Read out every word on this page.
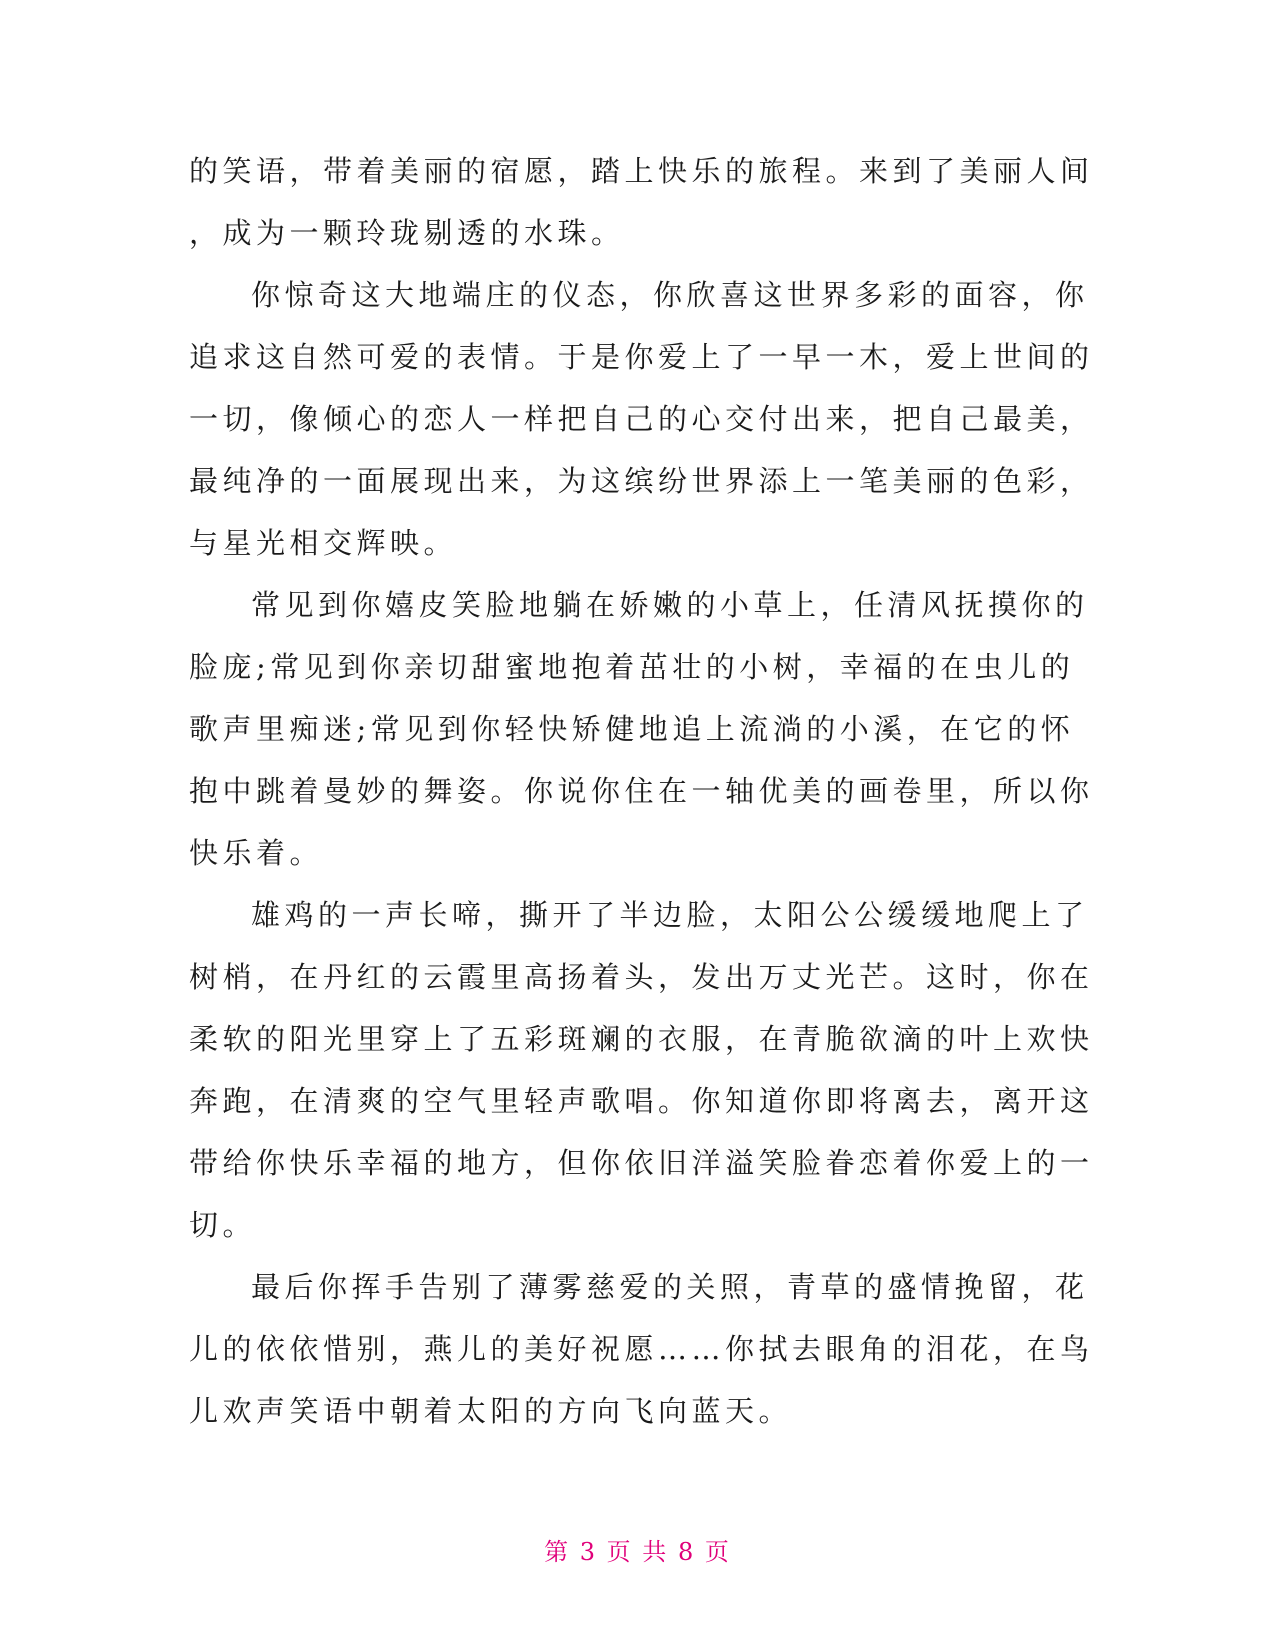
的笑语，带着美丽的宿愿，踏上快乐的旅程。来到了美丽人间
，成为一颗玲珑剔透的水珠。
你惊奇这大地端庄的仪态，你欣喜这世界多彩的面容，你
追求这自然可爱的表情。于是你爱上了一早一木，爱上世间的
一切，像倾心的恋人一样把自己的心交付出来，把自己最美，
最纯净的一面展现出来，为这缤纷世界添上一笔美丽的色彩，
与星光相交辉映。
常见到你嬉皮笑脸地躺在娇嫩的小草上，任清风抚摸你的
脸庞;常见到你亲切甜蜜地抱着茁壮的小树，幸福的在虫儿的
歌声里痴迷;常见到你轻快矫健地追上流淌的小溪，在它的怀
抱中跳着曼妙的舞姿。你说你住在一轴优美的画卷里，所以你
快乐着。
雄鸡的一声长啼，撕开了半边脸，太阳公公缓缓地爬上了
树梢，在丹红的云霞里高扬着头，发出万丈光芒。这时，你在
柔软的阳光里穿上了五彩斑斓的衣服，在青脆欲滴的叶上欢快
奔跑，在清爽的空气里轻声歌唱。你知道你即将离去，离开这
带给你快乐幸福的地方，但你依旧洋溢笑脸眷恋着你爱上的一
切。
最后你挥手告别了薄雾慈爱的关照，青草的盛情挽留，花
儿的依依惜别，燕儿的美好祝愿……你拭去眼角的泪花，在鸟
儿欢声笑语中朝着太阳的方向飞向蓝天。
第 3 页 共 8 页
